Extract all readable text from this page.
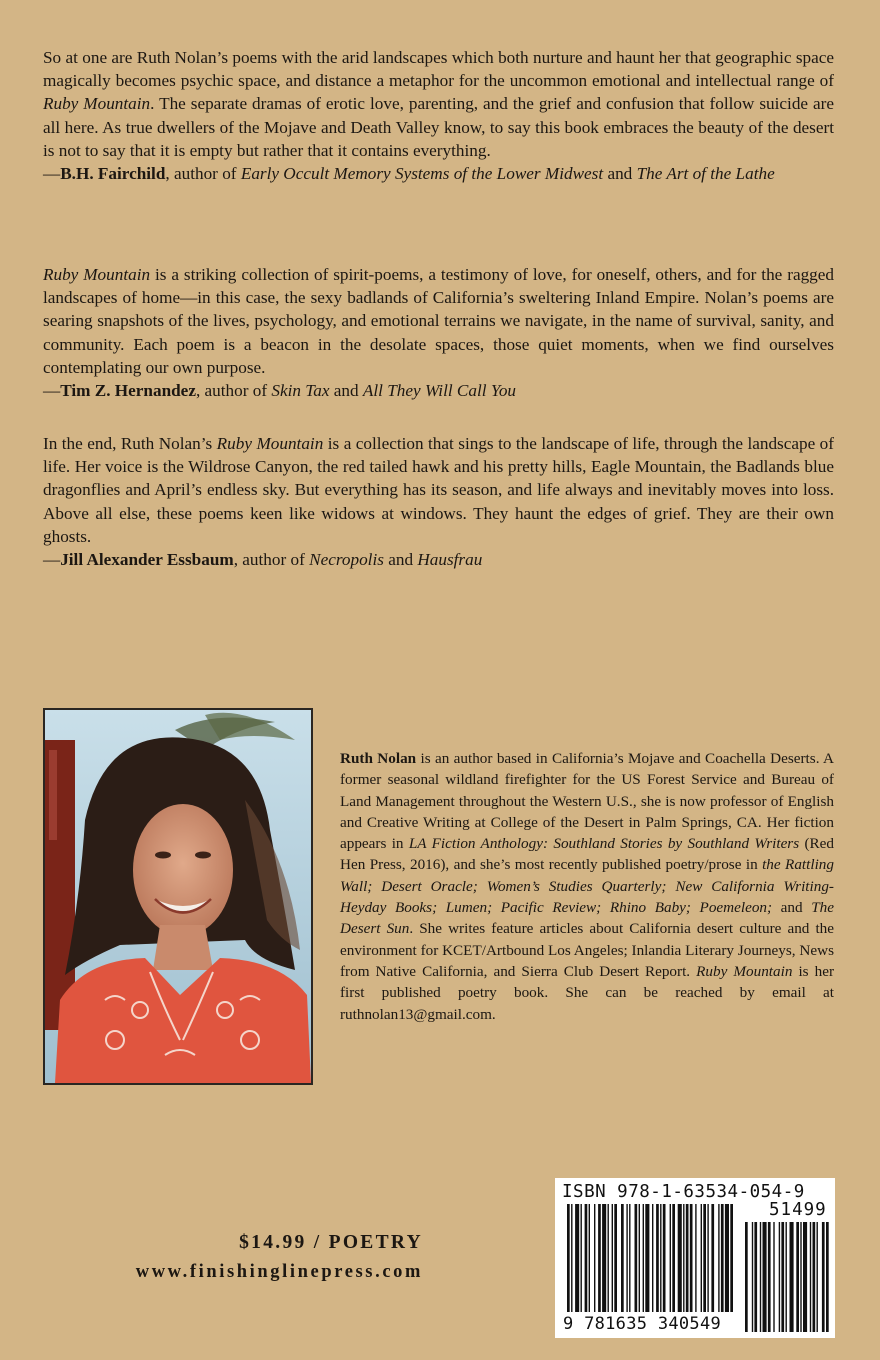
So at one are Ruth Nolan’s poems with the arid landscapes which both nurture and haunt her that geographic space magically becomes psychic space, and distance a metaphor for the uncommon emotional and intellectual range of Ruby Mountain. The separate dramas of erotic love, parenting, and the grief and confusion that follow suicide are all here. As true dwellers of the Mojave and Death Valley know, to say this book embraces the beauty of the desert is not to say that it is empty but rather that it contains everything.

—B.H. Fairchild, author of Early Occult Memory Systems of the Lower Midwest and The Art of the Lathe

Ruby Mountain is a striking collection of spirit-poems, a testimony of love, for oneself, others, and for the ragged landscapes of home—in this case, the sexy badlands of California’s sweltering Inland Empire. Nolan’s poems are searing snapshots of the lives, psychology, and emotional terrains we navigate, in the name of survival, sanity, and community. Each poem is a beacon in the desolate spaces, those quiet moments, when we find ourselves contemplating our own purpose.

—Tim Z. Hernandez, author of Skin Tax and All They Will Call You

In the end, Ruth Nolan’s Ruby Mountain is a collection that sings to the landscape of life, through the landscape of life. Her voice is the Wildrose Canyon, the red tailed hawk and his pretty hills, Eagle Mountain, the Badlands blue dragonflies and April’s endless sky. But everything has its season, and life always and inevitably moves into loss. Above all else, these poems keen like widows at windows. They haunt the edges of grief. They are their own ghosts.

—Jill Alexander Essbaum, author of Necropolis and Hausfrau

Ruth Nolan is an author based in California’s Mojave and Coachella Deserts. A former seasonal wildland firefighter for the US Forest Service and Bureau of Land Management throughout the Western U.S., she is now professor of English and Creative Writing at College of the Desert in Palm Springs, CA. Her fiction appears in LA Fiction Anthology: Southland Stories by Southland Writers (Red Hen Press, 2016), and she’s most recently published poetry/prose in the Rattling Wall; Desert Oracle; Women’s Studies Quarterly; New California Writing-Heyday Books; Lumen; Pacific Review; Rhino Baby; Poemeleon; and The Desert Sun. She writes feature articles about California desert culture and the environment for KCET/Artbound Los Angeles; Inlandia Literary Journeys, News from Native California, and Sierra Club Desert Report. Ruby Mountain is her first published poetry book. She can be reached by email at ruthnolan13@gmail.com.

$14.99 / POETRY

www.finishinglinepress.com

ISBN 978-1-63534-054-9
51499
9 781635 340549
